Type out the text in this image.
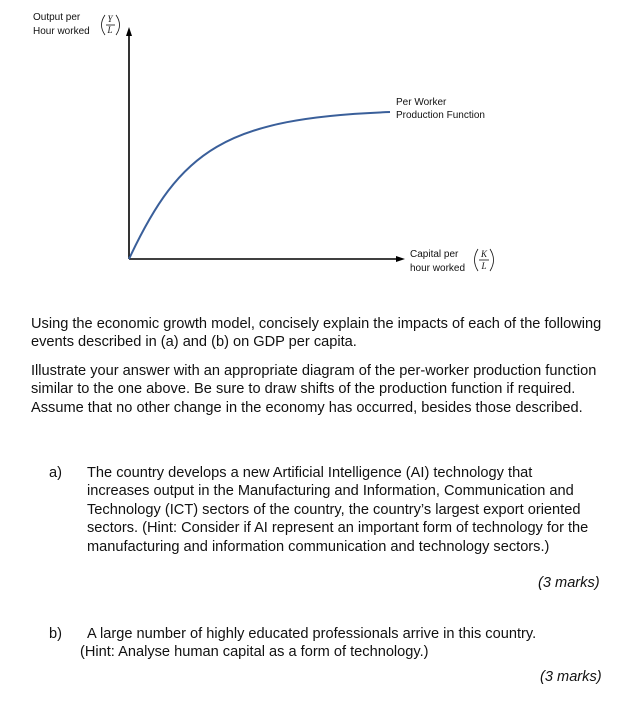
Output per
Hour worked
Y
L
Per Worker
Production Function
Capital per
hour worked
K
L

Using the economic growth model, concisely explain the impacts of each of the following events described in (a) and (b) on GDP per capita.

Illustrate your answer with an appropriate diagram of the per-worker production function similar to the one above. Be sure to draw shifts of the production function if required. Assume that no other change in the economy has occurred, besides those described.

a) The country develops a new Artificial Intelligence (AI) technology that increases output in the Manufacturing and Information, Communication and Technology (ICT) sectors of the country, the country’s largest export oriented sectors. (Hint: Consider if AI represent an important form of technology for the manufacturing and information communication and technology sectors.)
(3 marks)
b) A large number of highly educated professionals arrive in this country.
(Hint: Analyse human capital as a form of technology.)
(3 marks)
